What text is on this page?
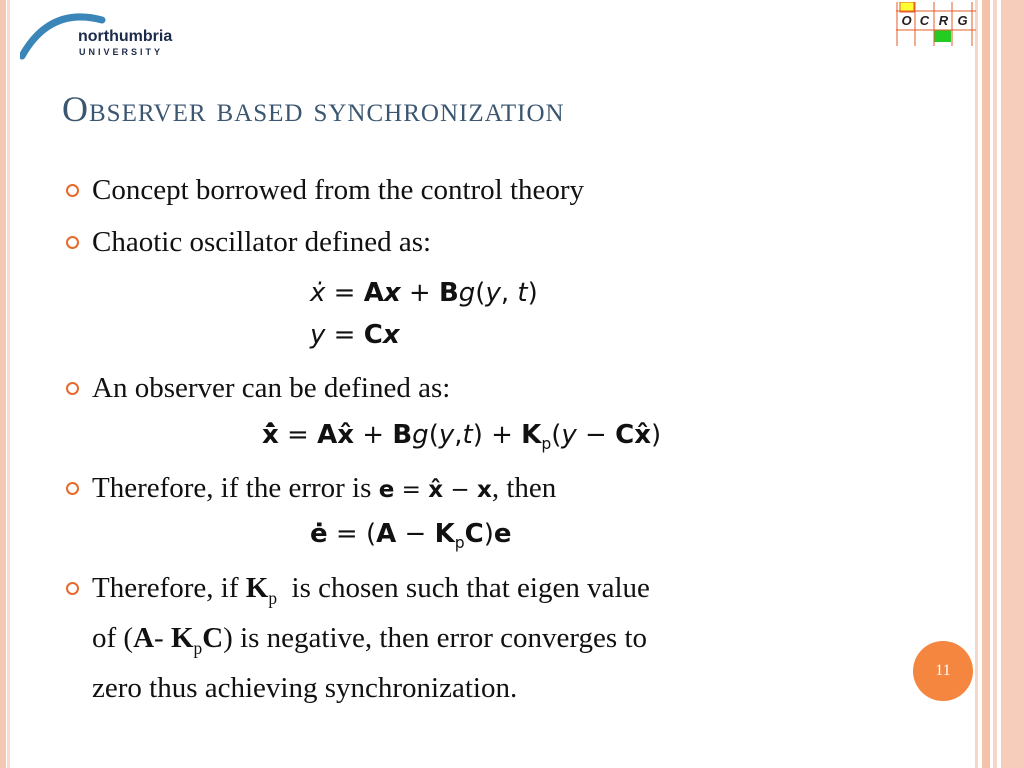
northumbria
UNIVERSITY
O C R G
Observer based synchronization
Concept borrowed from the control theory
Chaotic oscillator defined as:
An observer can be defined as:
Therefore, if the error is e = x̂ − x, then
Therefore, if $K_p$ is chosen such that eigen value
of (A- $K_pC$) is negative, then error converges to
zero thus achieving synchronization.
ẋ = Ax + Bg(y, t)
y = Cx
x̂̇ = Ax̂ + $Bg(y,t) + K_p(y$ − Cx̂)
ė = $(A - K_pC)e$
11
